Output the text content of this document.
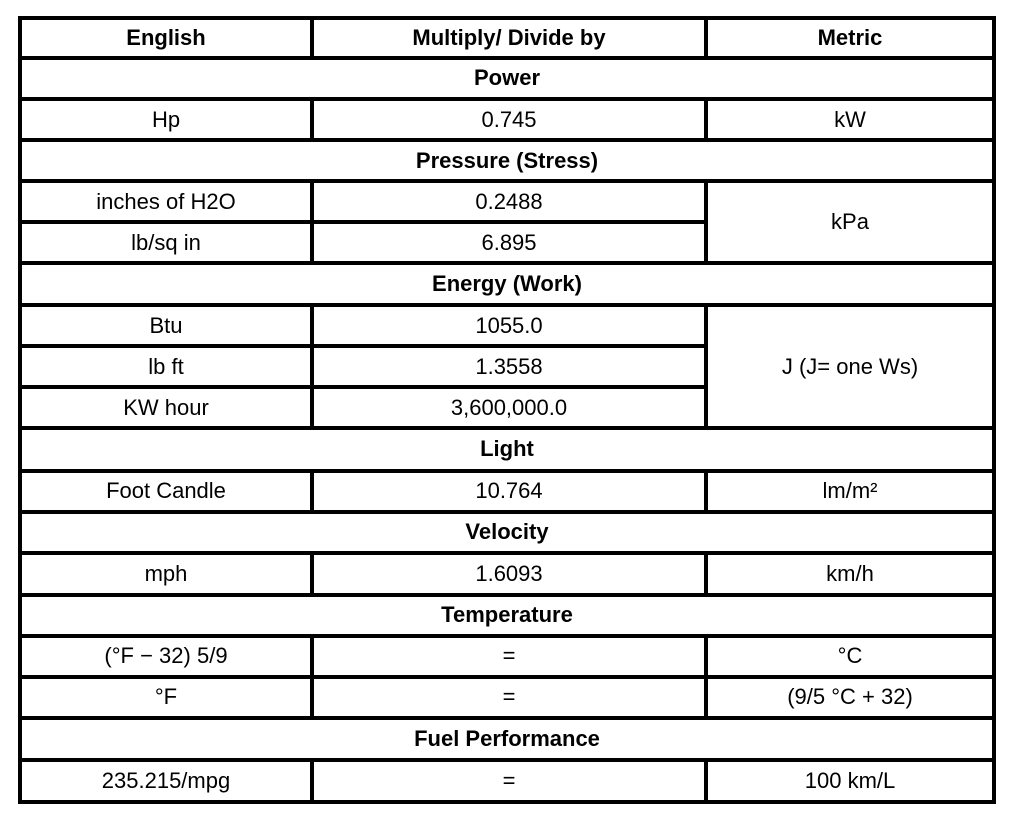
English	Multiply/ Divide by	Metric
Power		
Hp	0.745	kW
Pressure (Stress)		
inches of H2O	0.2488	kPa
lb/sq in	6.895	
Energy (Work)		
Btu	1055.0	J (J= one Ws)
lb ft	1.3558	
KW hour	3,600,000.0	
Light		
Foot Candle	10.764	lm/m²
Velocity		
mph	1.6093	km/h
Temperature		
(°F − 32) 5/9	=	°C
°F	=	(9/5 °C + 32)
Fuel Performance		
235.215/mpg	=	100 km/L
